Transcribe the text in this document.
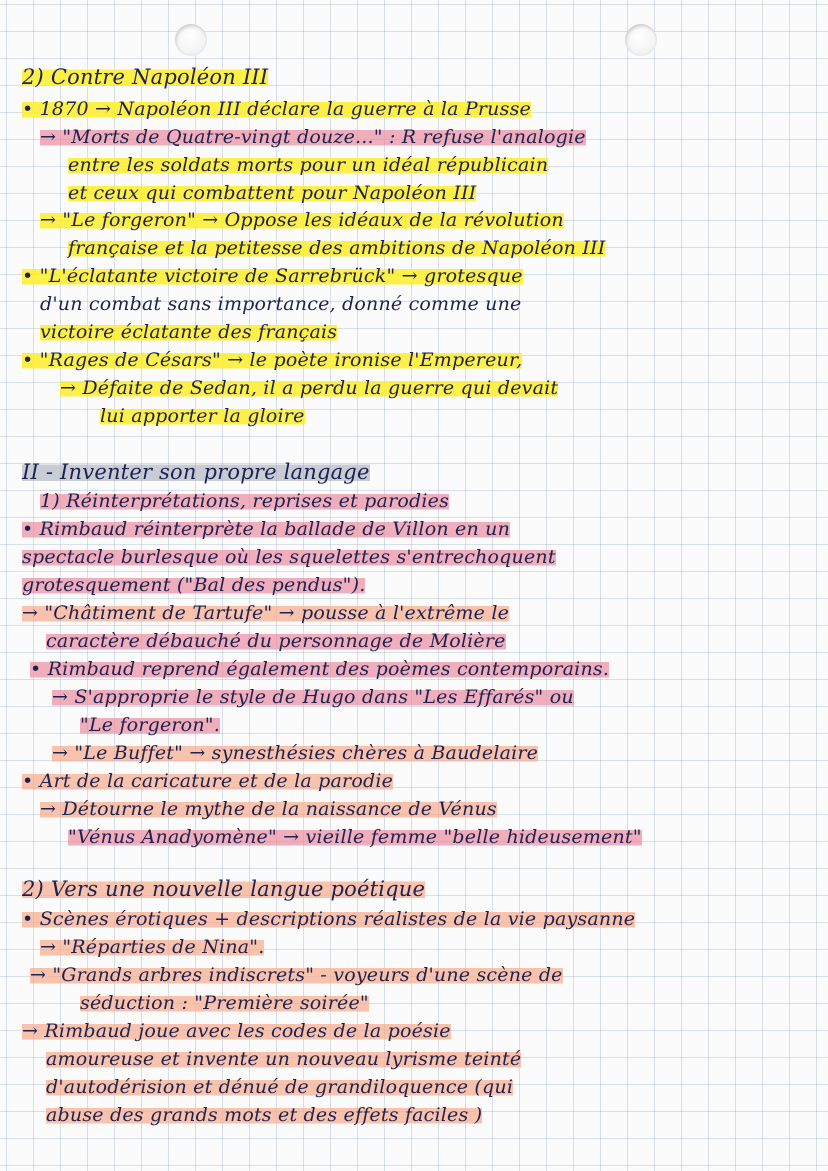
2) Contre Napoléon III
• 1870 → Napoléon III déclare la guerre à la Prusse
→ "Morts de Quatre-vingt douze..." : R refuse l'analogie
entre les soldats morts pour un idéal républicain
et ceux qui combattent pour Napoléon III
→ "Le forgeron" → Oppose les idéaux de la révolution
française et la petitesse des ambitions de Napoléon III
• "L'éclatante victoire de Sarrebrück" → grotesque
d'un combat sans importance, donné comme une
victoire éclatante des français
• "Rages de Césars" → le poète ironise l'Empereur,
→ Défaite de Sedan, il a perdu la guerre qui devait
lui apporter la gloire
II - Inventer son propre langage
1) Réinterprétations, reprises et parodies
• Rimbaud réinterprète la ballade de Villon en un
spectacle burlesque où les squelettes s'entrechoquent
grotesquement ("Bal des pendus").
→ "Châtiment de Tartufe" → pousse à l'extrême le
caractère débauché du personnage de Molière
• Rimbaud reprend également des poèmes contemporains.
→ S'approprie le style de Hugo dans "Les Effarés" ou
"Le forgeron".
→ "Le Buffet" → synesthésies chères à Baudelaire
• Art de la caricature et de la parodie
→ Détourne le mythe de la naissance de Vénus
"Vénus Anadyomène" → vieille femme "belle hideusement"
2) Vers une nouvelle langue poétique
• Scènes érotiques + descriptions réalistes de la vie paysanne
→ "Réparties de Nina".
→ "Grands arbres indiscrets" - voyeurs d'une scène de
séduction : "Première soirée"
→ Rimbaud joue avec les codes de la poésie
amoureuse et invente un nouveau lyrisme teinté
d'autodérision et dénué de grandiloquence (qui
abuse des grands mots et des effets faciles )
